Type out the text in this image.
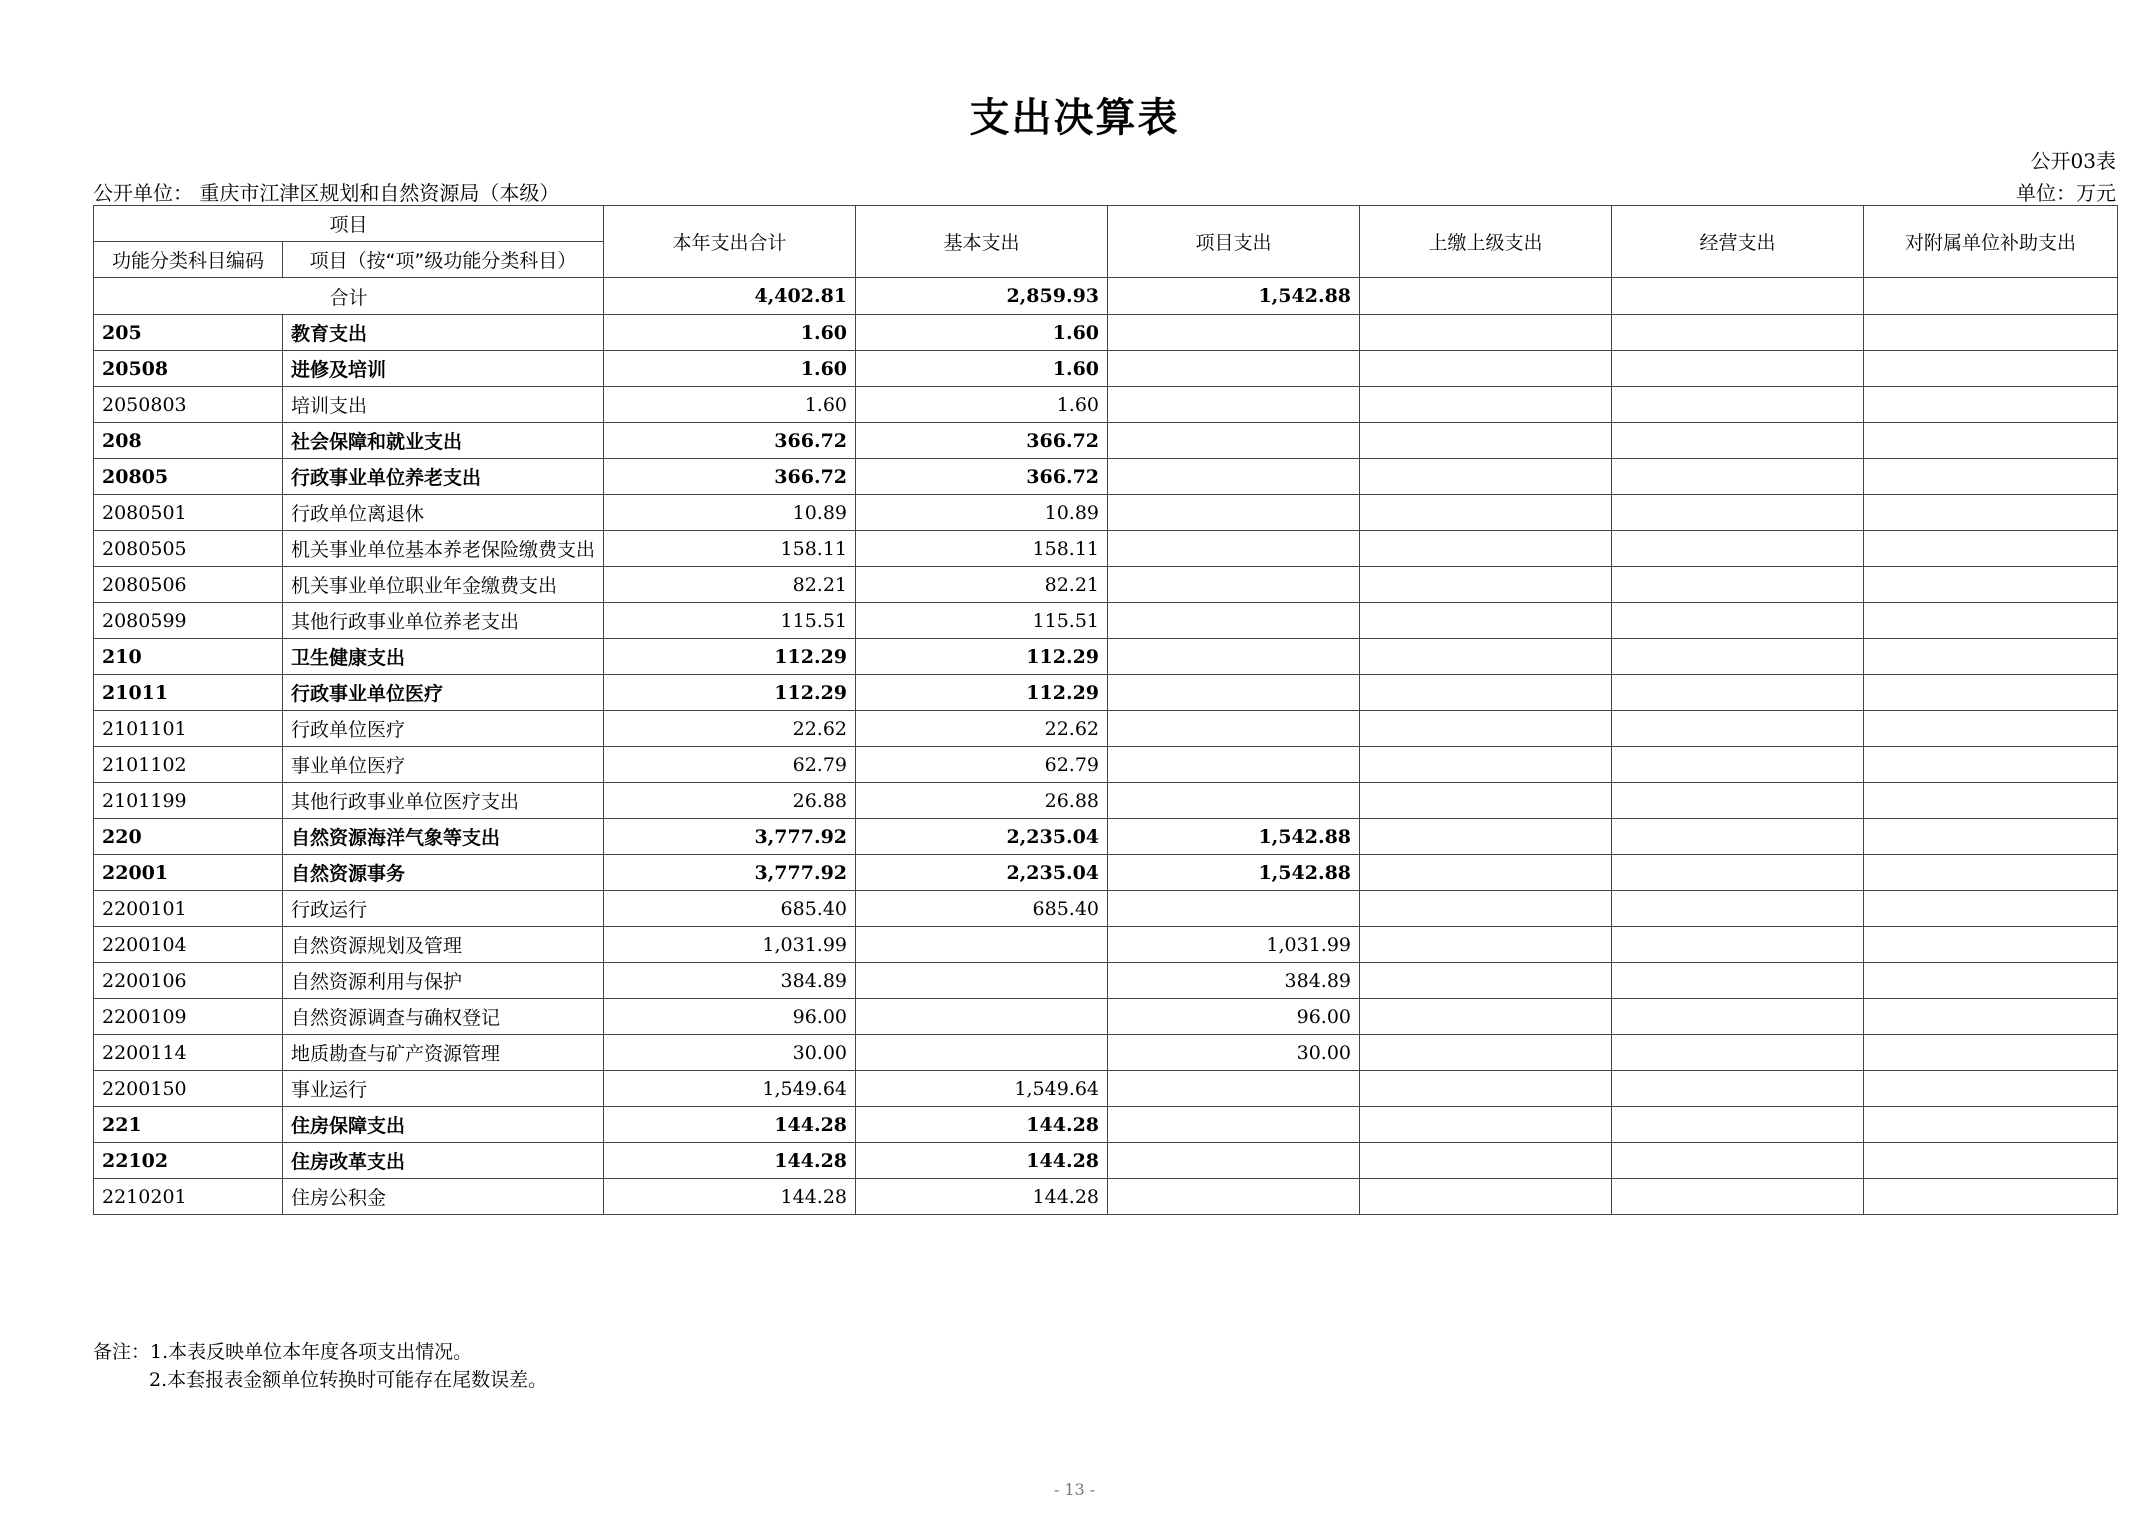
支出决算表
公开03表
公开单位： 重庆市江津区规划和自然资源局（本级）	单位：万元
项目		本年支出合计	基本支出	项目支出	上缴上级支出	经营支出	对附属单位补助支出
功能分类科目编码	项目（按“项”级功能分类科目）						
合计		4,402.81	2,859.93	1,542.88			
205	教育支出	1.60	1.60				
20508	进修及培训	1.60	1.60				
2050803	培训支出	1.60	1.60				
208	社会保障和就业支出	366.72	366.72				
20805	行政事业单位养老支出	366.72	366.72				
2080501	行政单位离退休	10.89	10.89				
2080505	机关事业单位基本养老保险缴费支出	158.11	158.11				
2080506	机关事业单位职业年金缴费支出	82.21	82.21				
2080599	其他行政事业单位养老支出	115.51	115.51				
210	卫生健康支出	112.29	112.29				
21011	行政事业单位医疗	112.29	112.29				
2101101	行政单位医疗	22.62	22.62				
2101102	事业单位医疗	62.79	62.79				
2101199	其他行政事业单位医疗支出	26.88	26.88				
220	自然资源海洋气象等支出	3,777.92	2,235.04	1,542.88			
22001	自然资源事务	3,777.92	2,235.04	1,542.88			
2200101	行政运行	685.40	685.40				
2200104	自然资源规划及管理	1,031.99		1,031.99			
2200106	自然资源利用与保护	384.89		384.89			
2200109	自然资源调查与确权登记	96.00		96.00			
2200114	地质勘查与矿产资源管理	30.00		30.00			
2200150	事业运行	1,549.64	1,549.64				
221	住房保障支出	144.28	144.28				
22102	住房改革支出	144.28	144.28				
2210201	住房公积金	144.28	144.28				
备注：1.本表反映单位本年度各项支出情况。
2.本套报表金额单位转换时可能存在尾数误差。
- 13 -
